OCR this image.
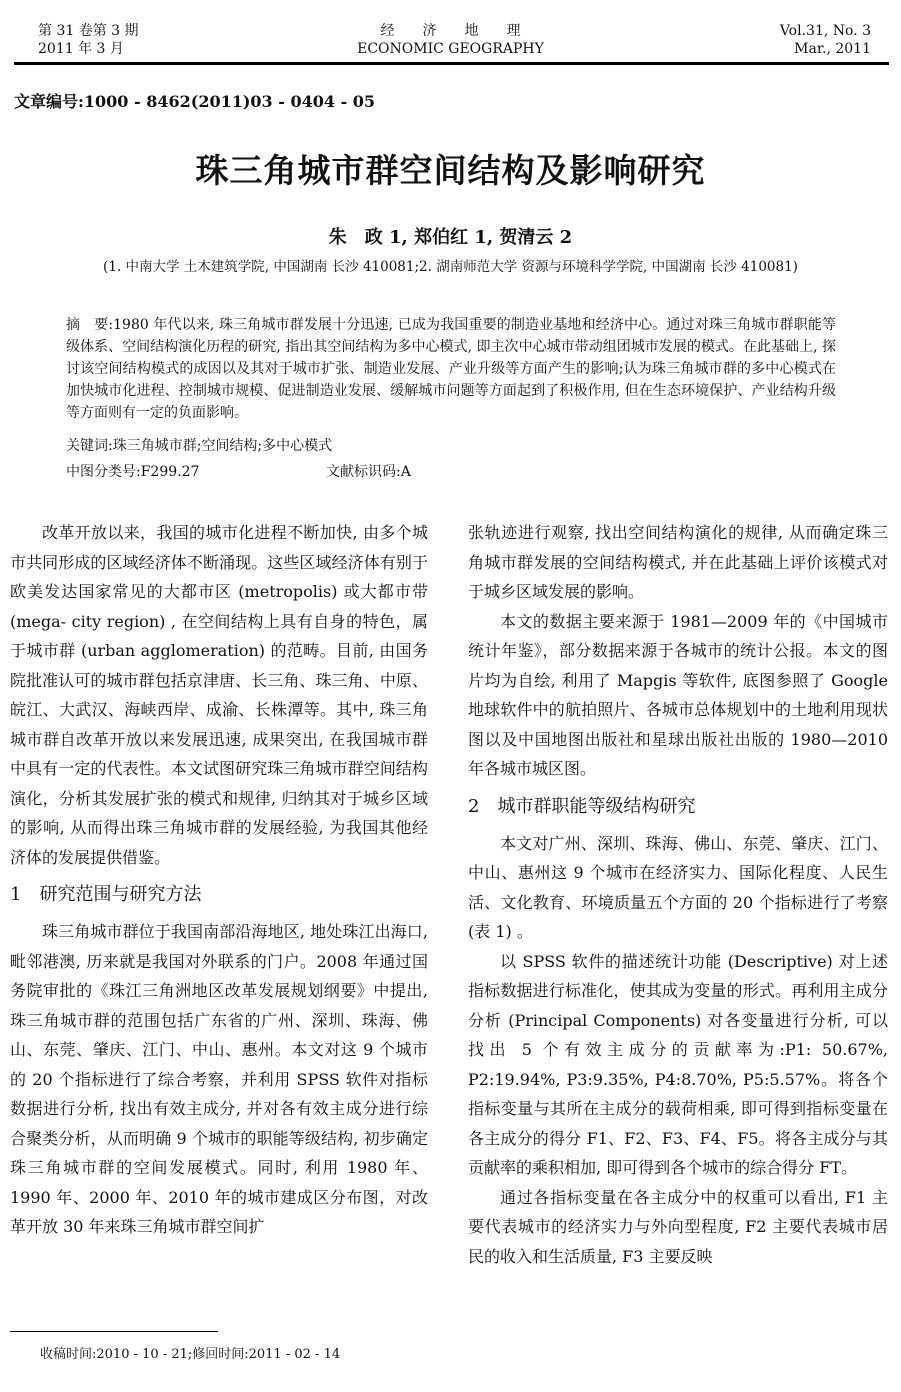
第 31 卷第 3 期
2011 年 3 月
经　　济　　地　　理
ECONOMIC GEOGRAPHY
Vol.31, No. 3
Mar., 2011
文章编号:1000 - 8462(2011)03 - 0404 - 05
珠三角城市群空间结构及影响研究
朱　政 1, 郑伯红 1, 贺清云 2
(1. 中南大学 土木建筑学院, 中国湖南 长沙 410081;2. 湖南师范大学 资源与环境科学学院, 中国湖南 长沙 410081)
摘　要:1980 年代以来, 珠三角城市群发展十分迅速, 已成为我国重要的制造业基地和经济中心。通过对珠三角城市群职能等级体系、空间结构演化历程的研究, 指出其空间结构为多中心模式, 即主次中心城市带动组团城市发展的模式。在此基础上, 探讨该空间结构模式的成因以及其对于城市扩张、制造业发展、产业升级等方面产生的影响;认为珠三角城市群的多中心模式在加快城市化进程、控制城市规模、促进制造业发展、缓解城市问题等方面起到了积极作用, 但在生态环境保护、产业结构升级等方面则有一定的负面影响。
关键词:珠三角城市群;空间结构;多中心模式
中图分类号:F299.27	文献标识码:A

改革开放以来，我国的城市化进程不断加快, 由多个城市共同形成的区域经济体不断涌现。这些区域经济体有别于欧美发达国家常见的大都市区 (metropolis) 或大都市带 (mega- city region) , 在空间结构上具有自身的特色，属于城市群 (urban agglomeration) 的范畴。目前, 由国务院批准认可的城市群包括京津唐、长三角、珠三角、中原、皖江、大武汉、海峡西岸、成渝、长株潭等。其中, 珠三角城市群自改革开放以来发展迅速, 成果突出, 在我国城市群中具有一定的代表性。本文试图研究珠三角城市群空间结构演化，分析其发展扩张的模式和规律, 归纳其对于城乡区域的影响, 从而得出珠三角城市群的发展经验, 为我国其他经济体的发展提供借鉴。

1　研究范围与研究方法

珠三角城市群位于我国南部沿海地区, 地处珠江出海口, 毗邻港澳, 历来就是我国对外联系的门户。2008 年通过国务院审批的《珠江三角洲地区改革发展规划纲要》中提出, 珠三角城市群的范围包括广东省的广州、深圳、珠海、佛山、东莞、肇庆、江门、中山、惠州。本文对这 9 个城市的 20 个指标进行了综合考察，并利用 SPSS 软件对指标数据进行分析, 找出有效主成分, 并对各有效主成分进行综合聚类分析，从而明确 9 个城市的职能等级结构, 初步确定珠三角城市群的空间发展模式。同时, 利用 1980 年、1990 年、2000 年、2010 年的城市建成区分布图，对改革开放 30 年来珠三角城市群空间扩

张轨迹进行观察, 找出空间结构演化的规律, 从而确定珠三角城市群发展的空间结构模式, 并在此基础上评价该模式对于城乡区域发展的影响。

本文的数据主要来源于 1981—2009 年的《中国城市统计年鉴》，部分数据来源于各城市的统计公报。本文的图片均为自绘, 利用了 Mapgis 等软件, 底图参照了 Google 地球软件中的航拍照片、各城市总体规划中的土地利用现状图以及中国地图出版社和星球出版社出版的 1980—2010 年各城市城区图。

2　城市群职能等级结构研究

本文对广州、深圳、珠海、佛山、东莞、肇庆、江门、中山、惠州这 9 个城市在经济实力、国际化程度、人民生活、文化教育、环境质量五个方面的 20 个指标进行了考察 (表 1) 。

以 SPSS 软件的描述统计功能 (Descriptive) 对上述指标数据进行标准化，使其成为变量的形式。再利用主成分分析 (Principal Components) 对各变量进行分析, 可以找出 5 个有效主成分的贡献率为:P1: 50.67%, P2:19.94%, P3:9.35%, P4:8.70%, P5:5.57%。将各个指标变量与其所在主成分的载荷相乘, 即可得到指标变量在各主成分的得分 F1、F2、F3、F4、F5。将各主成分与其贡献率的乘积相加, 即可得到各个城市的综合得分 FT。

通过各指标变量在各主成分中的权重可以看出, F1 主要代表城市的经济实力与外向型程度, F2 主要代表城市居民的收入和生活质量, F3 主要反映

收稿时间:2010 - 10 - 21;修回时间:2011 - 02 - 14
